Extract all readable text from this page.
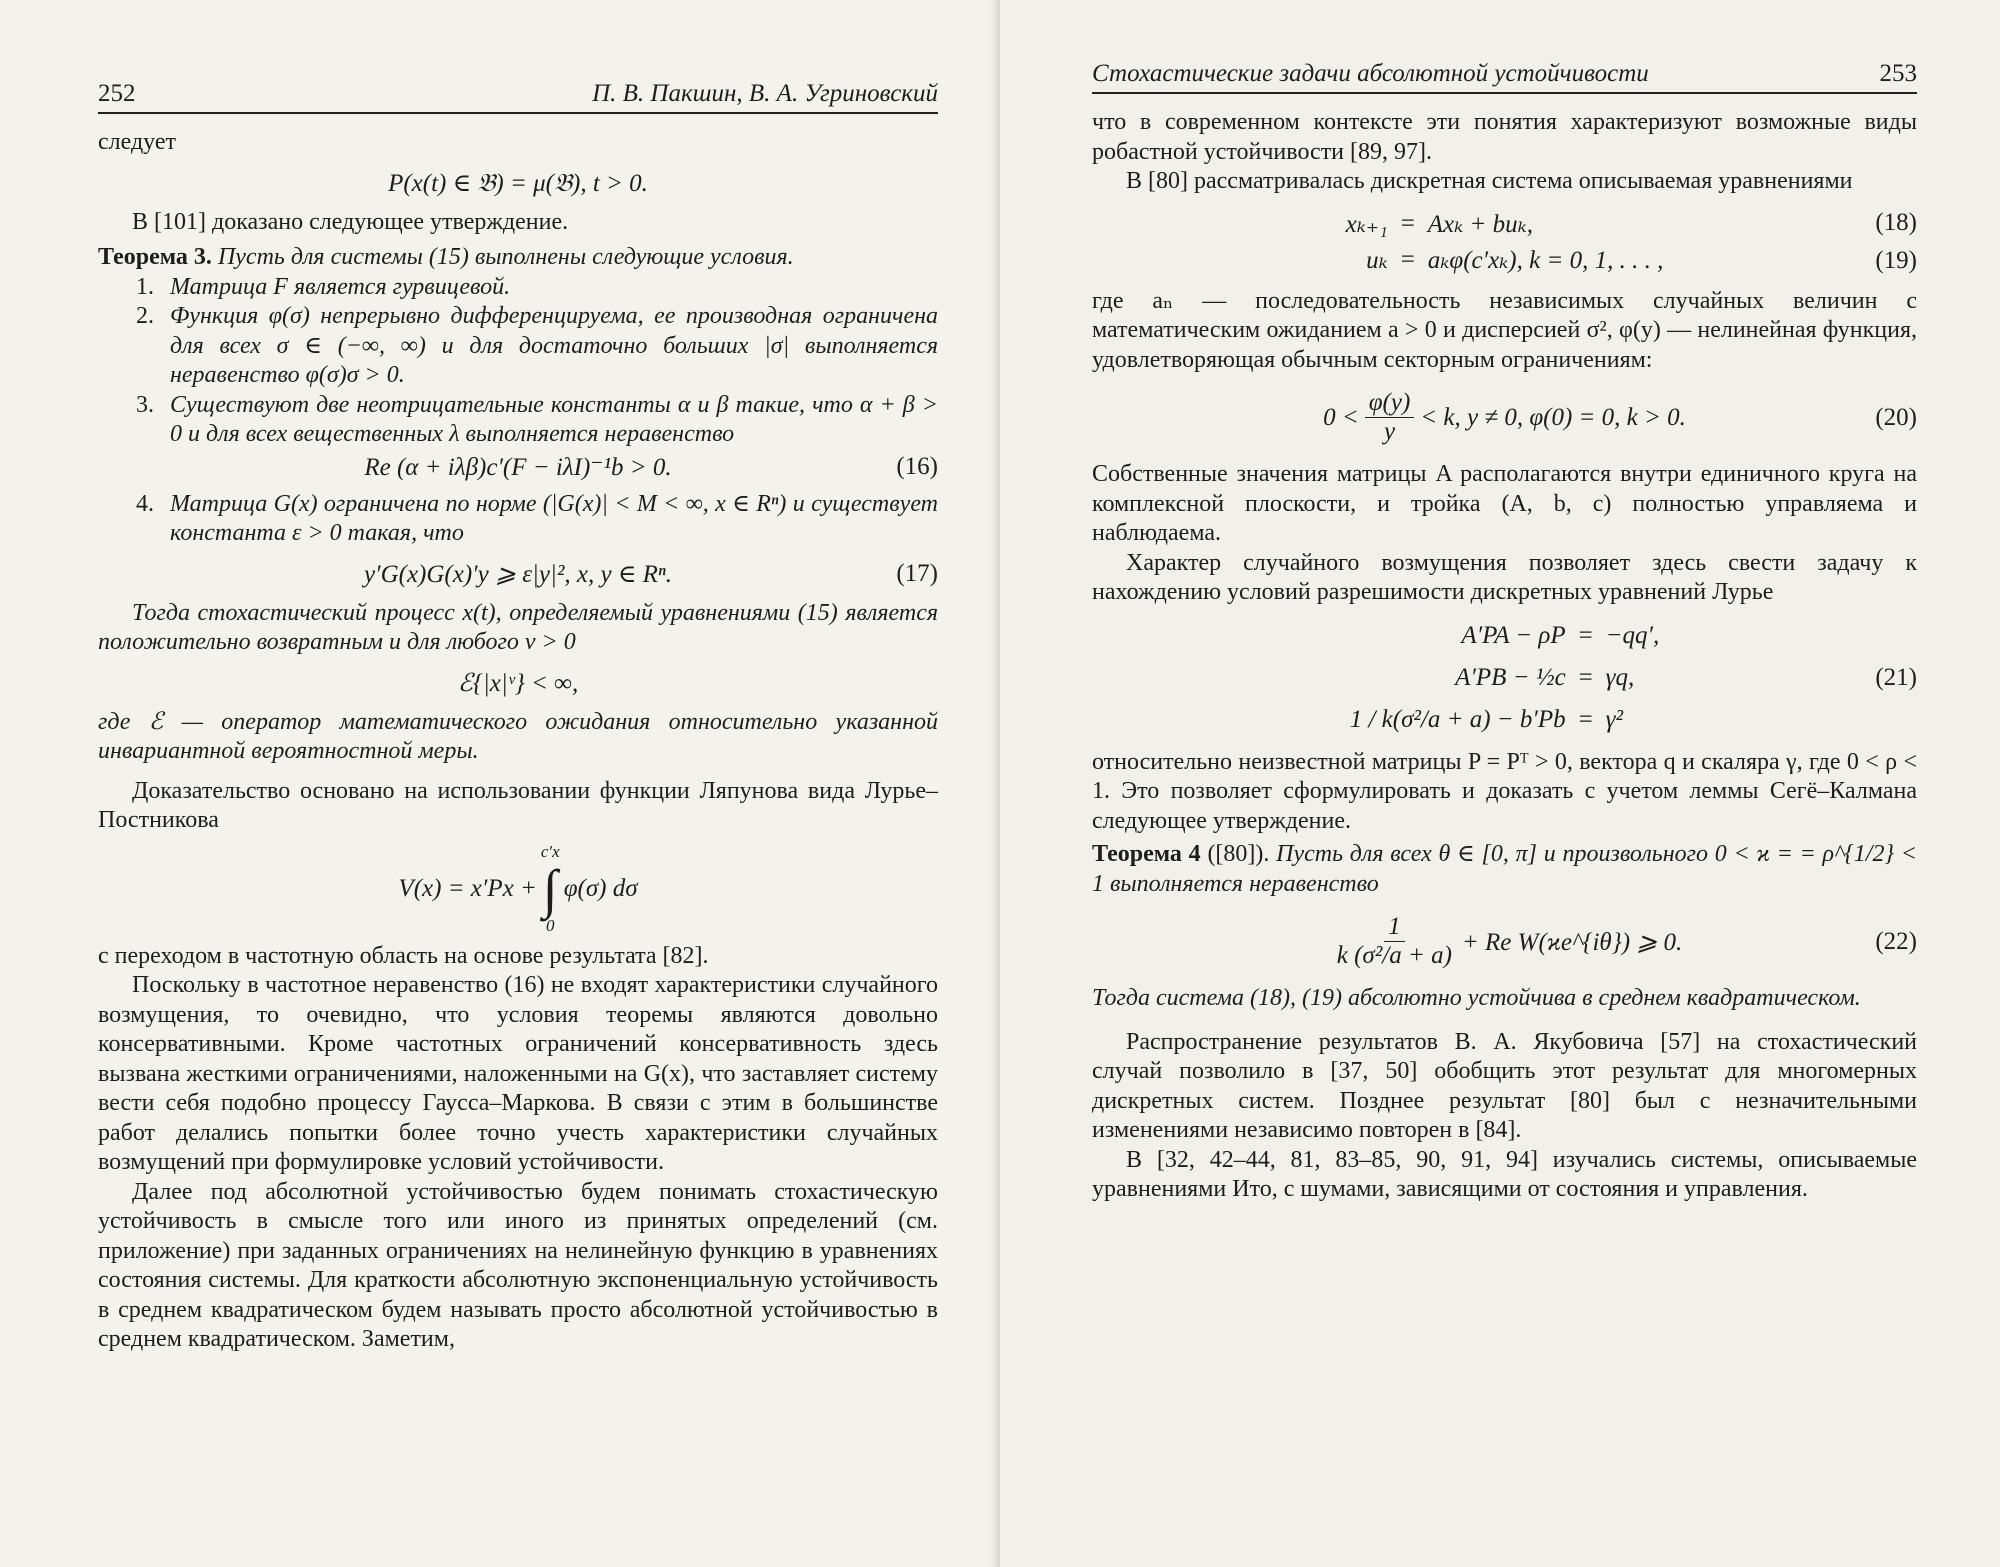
252	П. В. Пакшин, В. А. Угриновский

следует

P(x(t) ∈ 𝔅) = μ(𝔅), t > 0.

В [101] доказано следующее утверждение.

Теорема 3. Пусть для системы (15) выполнены следующие условия.

1. Матрица F является гурвицевой.
2. Функция φ(σ) непрерывно дифференцируема, ее производная ограничена для всех σ ∈ (−∞, ∞) и для достаточно больших |σ| выполняется неравенство φ(σ)σ > 0.
3. Существуют две неотрицательные константы α и β такие, что α + β > 0 и для всех вещественных λ выполняется неравенство
Re (α + iλβ)c′(F − iλI)⁻¹b > 0.	(16)
4. Матрица G(x) ограничена по норме (|G(x)| < M < ∞, x ∈ Rⁿ) и существует константа ε > 0 такая, что
y′G(x)G(x)′y ⩾ ε|y|², x, y ∈ Rⁿ.	(17)

Тогда стохастический процесс x(t), определяемый уравнениями (15) является положительно возвратным и для любого ν > 0

ℰ{|x|ᵛ} < ∞,

где ℰ — оператор математического ожидания относительно указанной инвариантной вероятностной меры.

Доказательство основано на использовании функции Ляпунова вида Лурье–Постникова

V(x) = x′Px +
c′x
∫
0
φ(σ) dσ

с переходом в частотную область на основе результата [82].

Поскольку в частотное неравенство (16) не входят характеристики случайного возмущения, то очевидно, что условия теоремы являются довольно консервативными. Кроме частотных ограничений консервативность здесь вызвана жесткими ограничениями, наложенными на G(x), что заставляет систему вести себя подобно процессу Гаусса–Маркова. В связи с этим в большинстве работ делались попытки более точно учесть характеристики случайных возмущений при формулировке условий устойчивости.

Далее под абсолютной устойчивостью будем понимать стохастическую устойчивость в смысле того или иного из принятых определений (см. приложение) при заданных ограничениях на нелинейную функцию в уравнениях состояния системы. Для краткости абсолютную экспоненциальную устойчивость в среднем квадратическом будем называть просто абсолютной устойчивостью в среднем квадратическом. Заметим,

Стохастические задачи абсолютной устойчивости	253

что в современном контексте эти понятия характеризуют возможные виды робастной устойчивости [89, 97].

В [80] рассматривалась дискретная система описываемая уравнениями

xₖ₊₁ = Axₖ + buₖ,
uₖ = aₖφ(c′xₖ), k = 0, 1, . . . ,
(18)
(19)

где aₙ — последовательность независимых случайных величин с математическим ожиданием a > 0 и дисперсией σ², φ(y) — нелинейная функция, удовлетворяющая обычным секторным ограничениям:

$0 < \frac{\varphi(y)}{y} < k$, y ≠ 0, φ(0) = 0, k > 0.	(20)

Собственные значения матрицы A располагаются внутри единичного круга на комплексной плоскости, и тройка (A, b, c) полностью управляема и наблюдаема.

Характер случайного возмущения позволяет здесь свести задачу к нахождению условий разрешимости дискретных уравнений Лурье

A′PA − ρP = −qq′,
A′PB − ½c = γq,
1 / k(σ²/a + a) − b′Pb = γ²
(21)

относительно неизвестной матрицы P = Pᵀ > 0, вектора q и скаляра γ, где 0 < ρ < 1. Это позволяет сформулировать и доказать с учетом леммы Сегё–Калмана следующее утверждение.

Теорема 4 ([80]). Пусть для всех θ ∈ [0, π] и произвольного 0 < ϰ = = ρ^{1/2} < 1 выполняется неравенство

$\frac{1}{\text{k (σ²/a + a)}} + Re$ W(ϰe^{iθ}) ⩾ 0.	(22)

Тогда система (18), (19) абсолютно устойчива в среднем квадратическом.

Распространение результатов В. А. Якубовича [57] на стохастический случай позволило в [37, 50] обобщить этот результат для многомерных дискретных систем. Позднее результат [80] был с незначительными изменениями независимо повторен в [84].

В [32, 42–44, 81, 83–85, 90, 91, 94] изучались системы, описываемые уравнениями Ито, с шумами, зависящими от состояния и управления.
